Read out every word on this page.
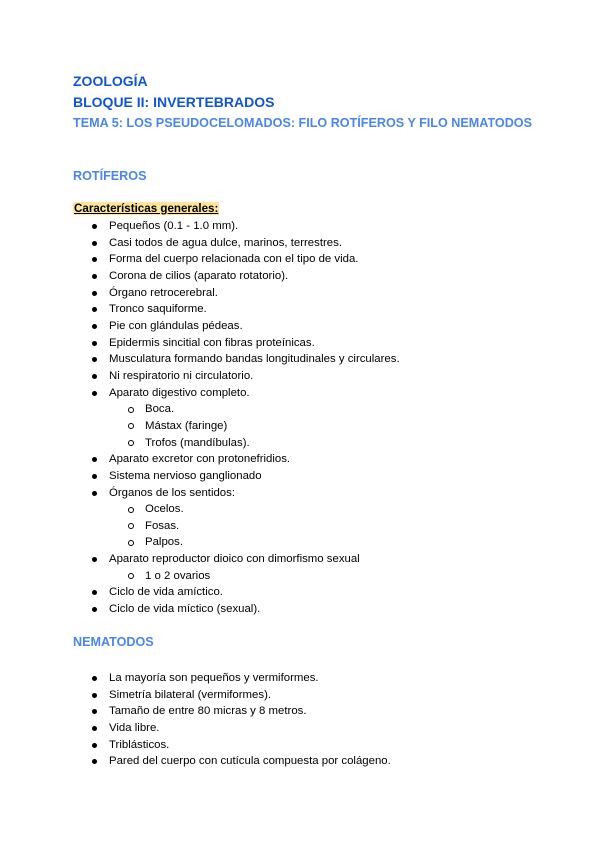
ZOOLOGÍA
BLOQUE II: INVERTEBRADOS
TEMA 5: LOS PSEUDOCELOMADOS: FILO ROTÍFEROS Y FILO NEMATODOS
ROTÍFEROS

Características generales:

Pequeños (0.1 - 1.0 mm).
Casi todos de agua dulce, marinos, terrestres.
Forma del cuerpo relacionada con el tipo de vida.
Corona de cilios (aparato rotatorio).
Órgano retrocerebral.
Tronco saquiforme.
Pie con glándulas pédeas.
Epidermis sincitial con fibras proteínicas.
Musculatura formando bandas longitudinales y circulares.
Ni respiratorio ni circulatorio.
Aparato digestivo completo.
Boca.
Mástax (faringe)
Trofos (mandíbulas).
Aparato excretor con protonefridios.
Sistema nervioso ganglionado
Órganos de los sentidos:
Ocelos.
Fosas.
Palpos.
Aparato reproductor dioico con dimorfismo sexual
1 o 2 ovarios
Ciclo de vida amíctico.
Ciclo de vida míctico (sexual).
NEMATODOS
La mayoría son pequeños y vermiformes.
Simetría bilateral (vermiformes).
Tamaño de entre 80 micras y 8 metros.
Vida libre.
Triblásticos.
Pared del cuerpo con cutícula compuesta por colágeno.
